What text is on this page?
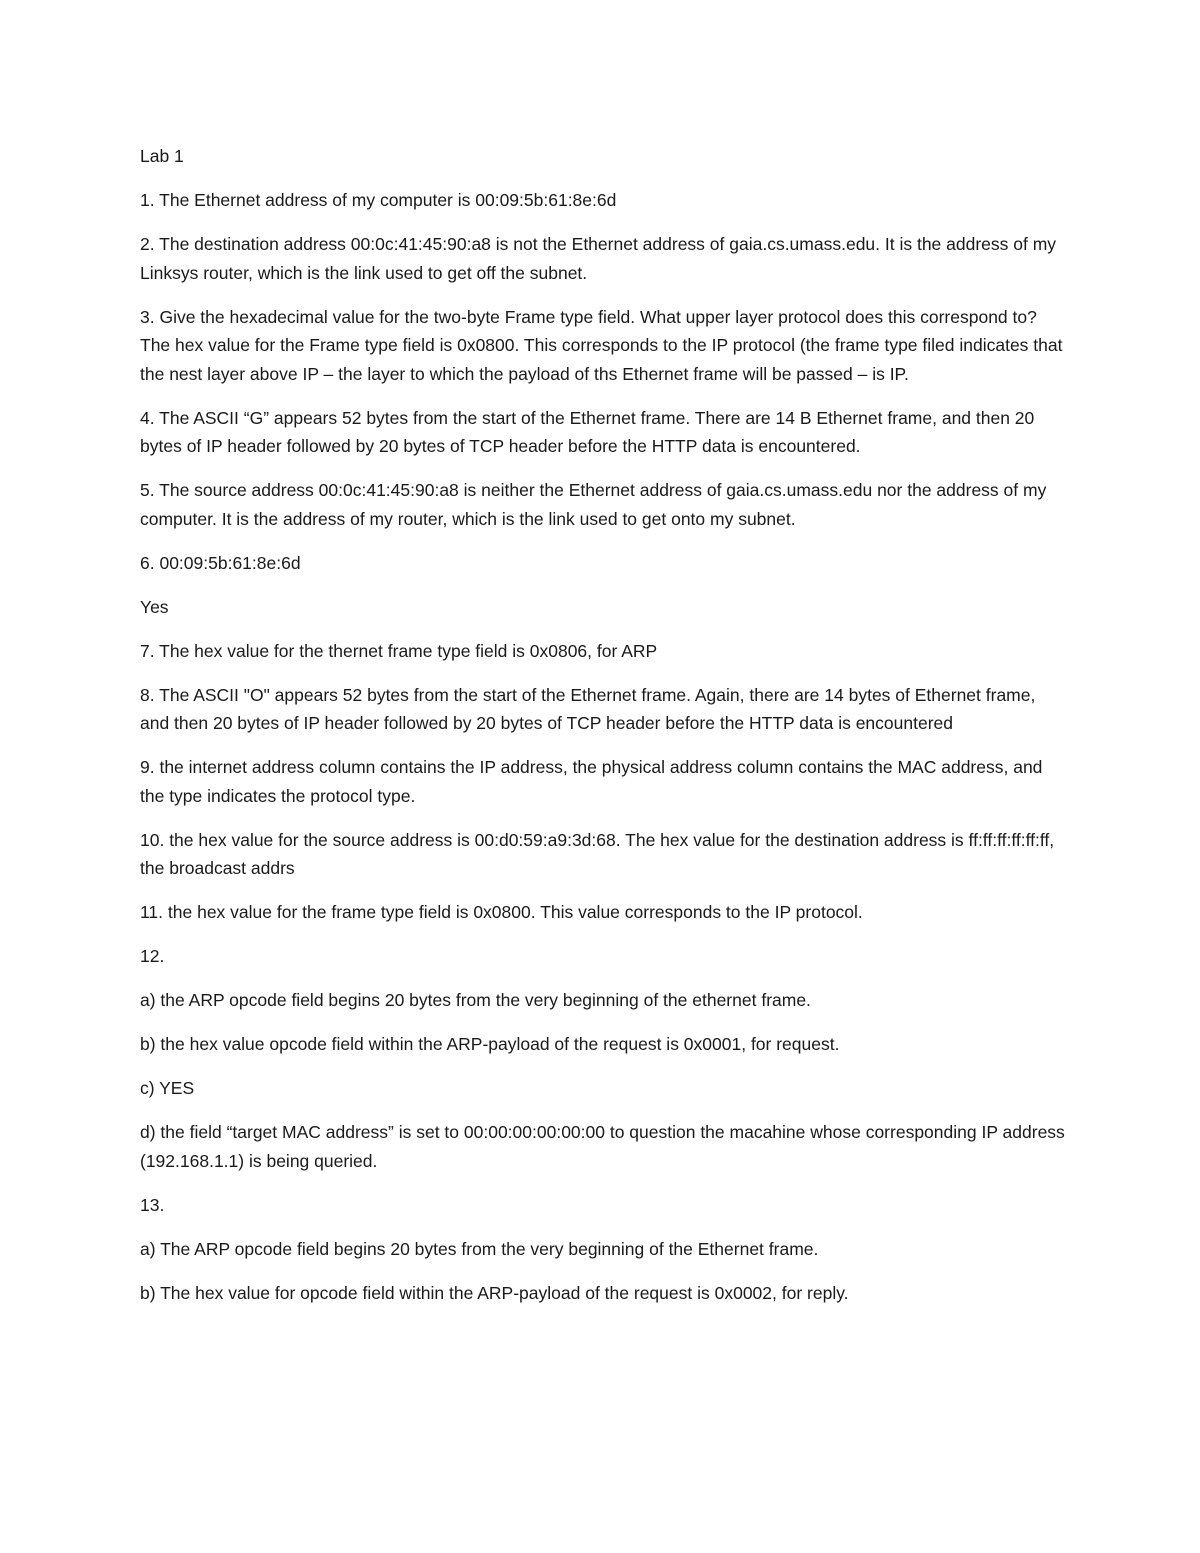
Lab 1

1. The Ethernet address of my computer is 00:09:5b:61:8e:6d

2. The destination address 00:0c:41:45:90:a8 is not the Ethernet address of gaia.cs.umass.edu. It is the address of my Linksys router, which is the link used to get off the subnet.

3. Give the hexadecimal value for the two-byte Frame type field. What upper layer protocol does this correspond to? The hex value for the Frame type field is 0x0800. This corresponds to the IP protocol (the frame type filed indicates that the nest layer above IP – the layer to which the payload of ths Ethernet frame will be passed – is IP.

4. The ASCII “G” appears 52 bytes from the start of the Ethernet frame. There are 14 B Ethernet frame, and then 20 bytes of IP header followed by 20 bytes of TCP header before the HTTP data is encountered.

5. The source address 00:0c:41:45:90:a8 is neither the Ethernet address of gaia.cs.umass.edu nor the address of my computer. It is the address of my router, which is the link used to get onto my subnet.

6. 00:09:5b:61:8e:6d

Yes

7. The hex value for the thernet frame type field is 0x0806, for ARP

8. The ASCII "O" appears 52 bytes from the start of the Ethernet frame. Again, there are 14 bytes of Ethernet frame, and then 20 bytes of IP header followed by 20 bytes of TCP header before the HTTP data is encountered

9. the internet address column contains the IP address, the physical address column contains the MAC address, and the type indicates the protocol type.

10. the hex value for the source address is 00:d0:59:a9:3d:68. The hex value for the destination address is ff:ff:ff:ff:ff:ff, the broadcast addrs

11. the hex value for the frame type field is 0x0800. This value corresponds to the IP protocol.

12.

a) the ARP opcode field begins 20 bytes from the very beginning of the ethernet frame.

b) the hex value opcode field within the ARP-payload of the request is 0x0001, for request.

c) YES

d) the field “target MAC address” is set to 00:00:00:00:00:00 to question the macahine whose corresponding IP address (192.168.1.1) is being queried.

13.

a) The ARP opcode field begins 20 bytes from the very beginning of the Ethernet frame.

b) The hex value for opcode field within the ARP-payload of the request is 0x0002, for reply.
